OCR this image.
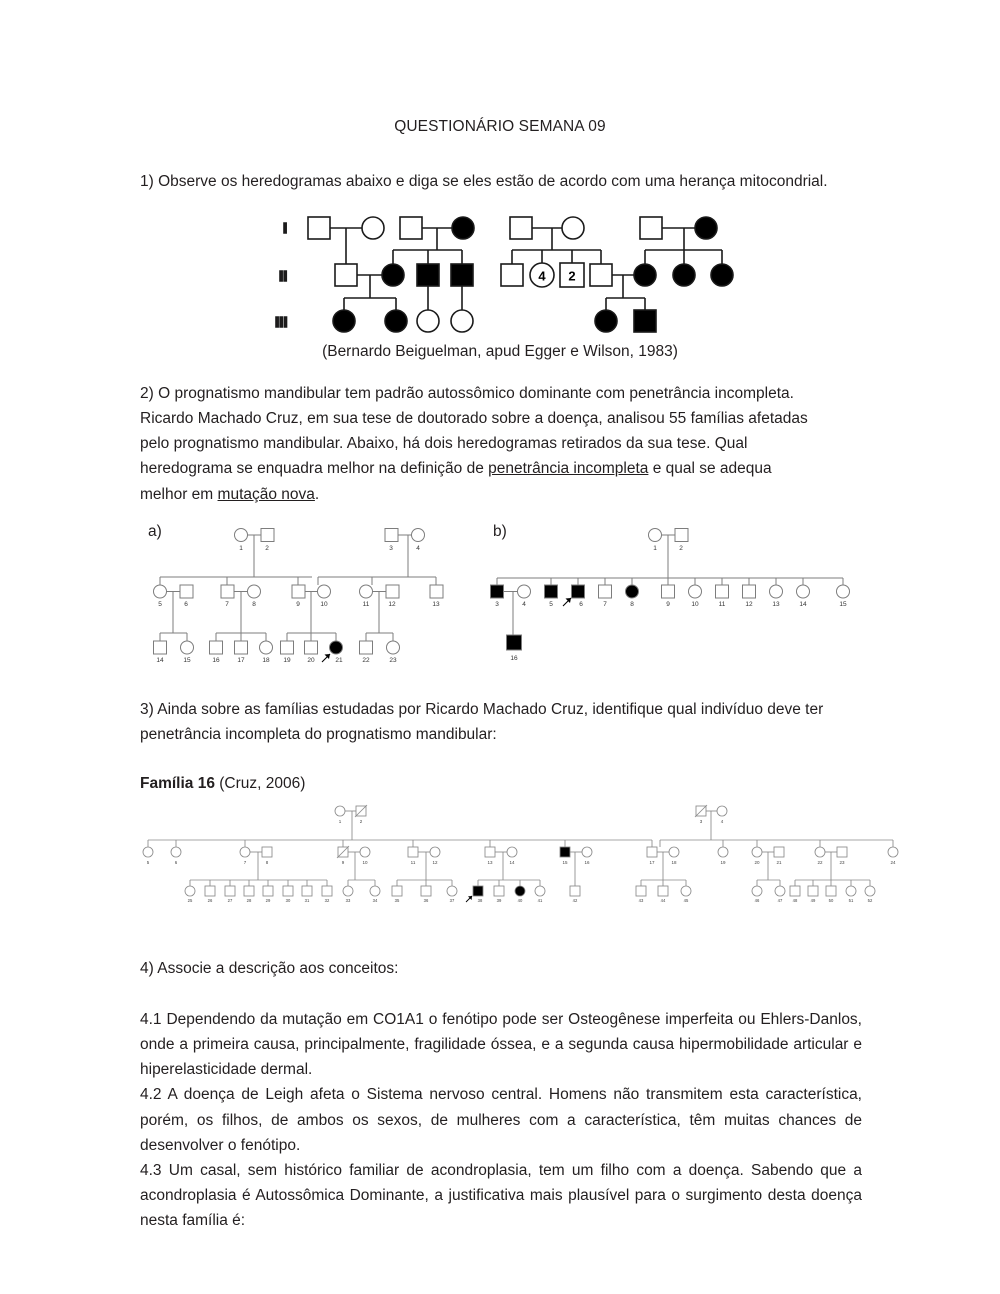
QUESTIONÁRIO SEMANA 09
1) Observe os heredogramas abaixo e diga se eles estão de acordo com uma herança mitocondrial.
I
II
III
4 2
(Bernardo Beiguelman, apud Egger e Wilson, 1983)
2) O prognatismo mandibular tem padrão autossômico dominante com penetrância incompleta.
Ricardo Machado Cruz, em sua tese de doutorado sobre a doença, analisou 55 famílias afetadas
pelo prognatismo mandibular. Abaixo, há dois heredogramas retirados da sua tese. Qual
heredograma se enquadra melhor na definição de penetrância incompleta e qual se adequa
melhor em mutação nova.
a)	b)
1	2	3	4
5	6	7	8	9	10	11	12	13
14	15	16	17	18 19	20	21	22	23
1	2
3	4	5	6	7	8	9	10	11	12	13	14	15
16
3) Ainda sobre as famílias estudadas por Ricardo Machado Cruz, identifique qual indivíduo deve ter
penetrância incompleta do prognatismo mandibular:
Família 16 (Cruz, 2006)
1	2	3	4
5	6	7	8	9	10	11	12	13	14	15	16	17	18	19	20	21	22	23	24
25	26	27	28	29	30	31	32	33	34	35	36	37	38	39	40	41	42	43	44	45	46	47 48	49	50	51	52
4) Associe a descrição aos conceitos:
4.1 Dependendo da mutação em CO1A1 o fenótipo pode ser Osteogênese imperfeita ou Ehlers-Danlos, onde a primeira causa, principalmente, fragilidade óssea, e a segunda causa hipermobilidade articular e hiperelasticidade dermal.
4.2 A doença de Leigh afeta o Sistema nervoso central. Homens não transmitem esta característica, porém, os filhos, de ambos os sexos, de mulheres com a característica, têm muitas chances de desenvolver o fenótipo.
4.3 Um casal, sem histórico familiar de acondroplasia, tem um filho com a doença. Sabendo que a acondroplasia é Autossômica Dominante, a justificativa mais plausível para o surgimento desta doença nesta família é:
